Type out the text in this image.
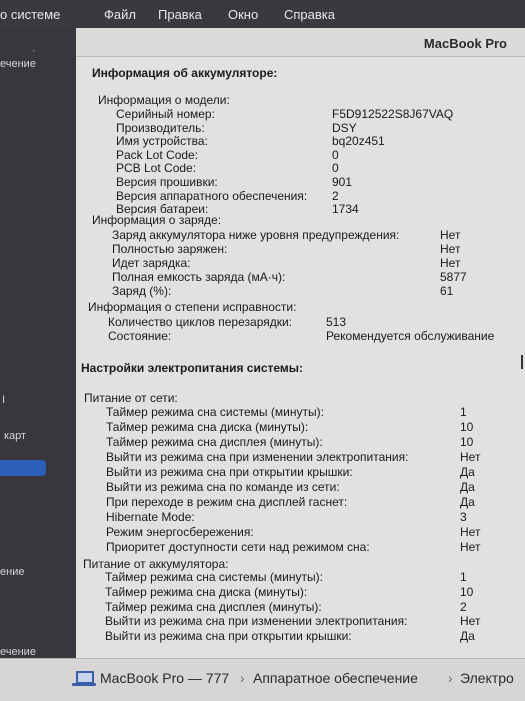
о системе	Файл Правка Окно Справка
◦
ечение
I
карт
ение
ечение
MacBook Pro
Информация об аккумуляторе:
Информация о модели:
Серийный номер:	F5D912522S8J67VAQ
Производитель:	DSY
Имя устройства:	bq20z451
Pack Lot Code:	0
PCB Lot Code:	0
Версия прошивки:	901
Версия аппаратного обеспечения: 2
Версия батареи:	1734
Информация о заряде:
Заряд аккумулятора ниже уровня предупреждения:	Нет
Полностью заряжен:	Нет
Идет зарядка:	Нет
Полная емкость заряда (мА·ч):	5877
Заряд (%):	61
Информация о степени исправности:
Количество циклов перезарядки:	513
Состояние:	Рекомендуется обслуживание
Настройки электропитания системы:
Питание от сети:
Таймер режима сна системы (минуты):	1
Таймер режима сна диска (минуты):	10
Таймер режима сна дисплея (минуты):	10
Выйти из режима сна при изменении электропитания:	Нет
Выйти из режима сна при открытии крышки:	Да
Выйти из режима сна по команде из сети:	Да
При переходе в режим сна дисплей гаснет:	Да
Hibernate Mode:	3
Режим энергосбережения:	Нет
Приоритет доступности сети над режимом сна:	Нет
Питание от аккумулятора:
Таймер режима сна системы (минуты):	1
Таймер режима сна диска (минуты):	10
Таймер режима сна дисплея (минуты):	2
Выйти из режима сна при изменении электропитания:	Нет
Выйти из режима сна при открытии крышки:	Да
MacBook Pro — 777 › Аппаратное обеспечение › Электро
